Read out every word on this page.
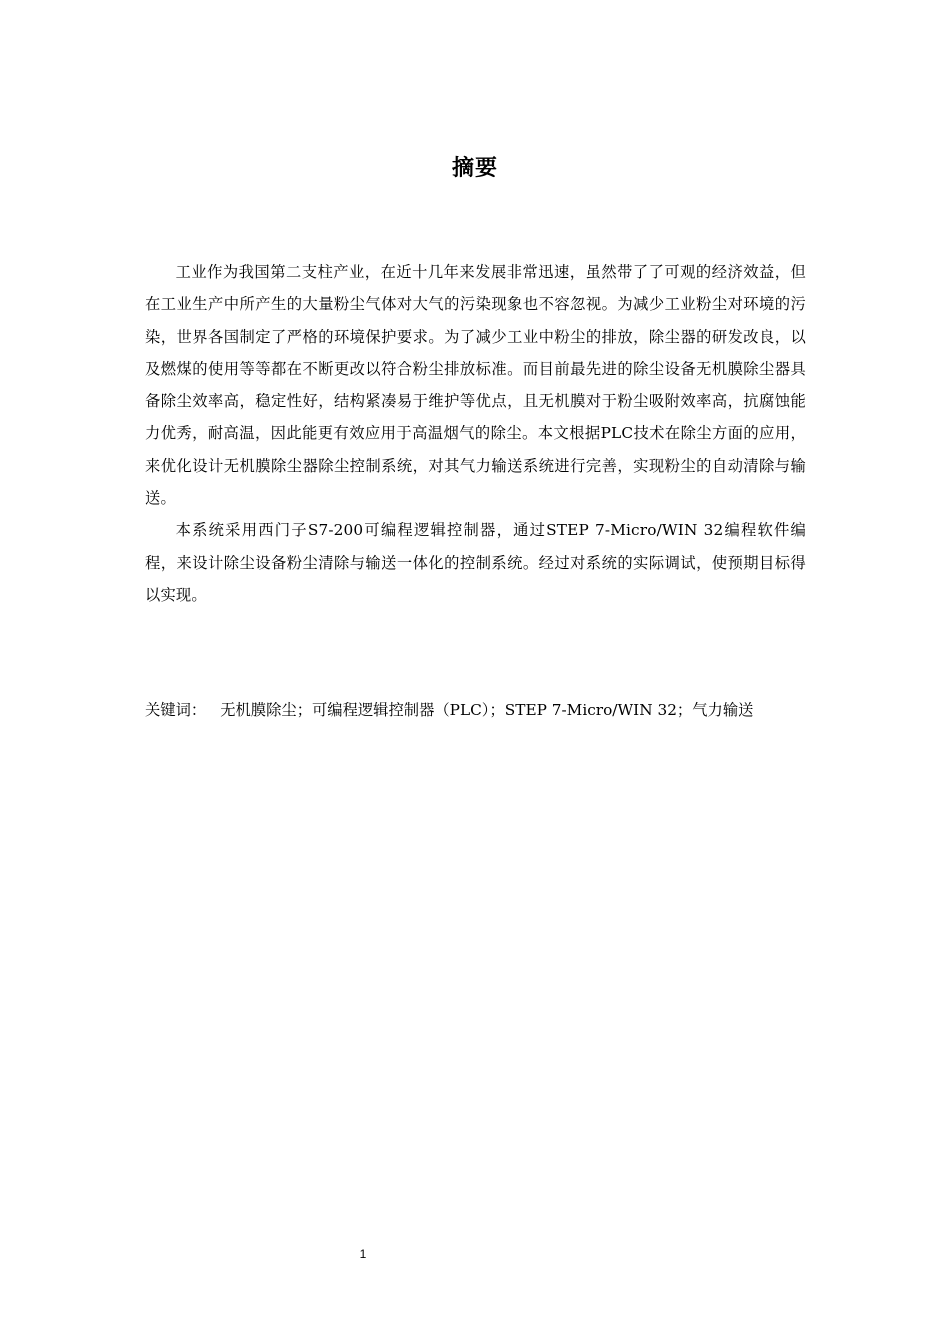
摘要

工业作为我国第二支柱产业，在近十几年来发展非常迅速，虽然带了了可观的经济效益，但在工业生产中所产生的大量粉尘气体对大气的污染现象也不容忽视。为减少工业粉尘对环境的污染，世界各国制定了严格的环境保护要求。为了减少工业中粉尘的排放，除尘器的研发改良，以及燃煤的使用等等都在不断更改以符合粉尘排放标准。而目前最先进的除尘设备无机膜除尘器具备除尘效率高，稳定性好，结构紧凑易于维护等优点，且无机膜对于粉尘吸附效率高，抗腐蚀能力优秀，耐高温，因此能更有效应用于高温烟气的除尘。本文根据PLC技术在除尘方面的应用，来优化设计无机膜除尘器除尘控制系统，对其气力输送系统进行完善，实现粉尘的自动清除与输送。

本系统采用西门子S7-200可编程逻辑控制器，通过STEP 7-Micro/WIN 32编程软件编程，来设计除尘设备粉尘清除与输送一体化的控制系统。经过对系统的实际调试，使预期目标得以实现。

关键词： 无机膜除尘；可编程逻辑控制器（PLC）；STEP 7-Micro/WIN 32；气力输送
1
